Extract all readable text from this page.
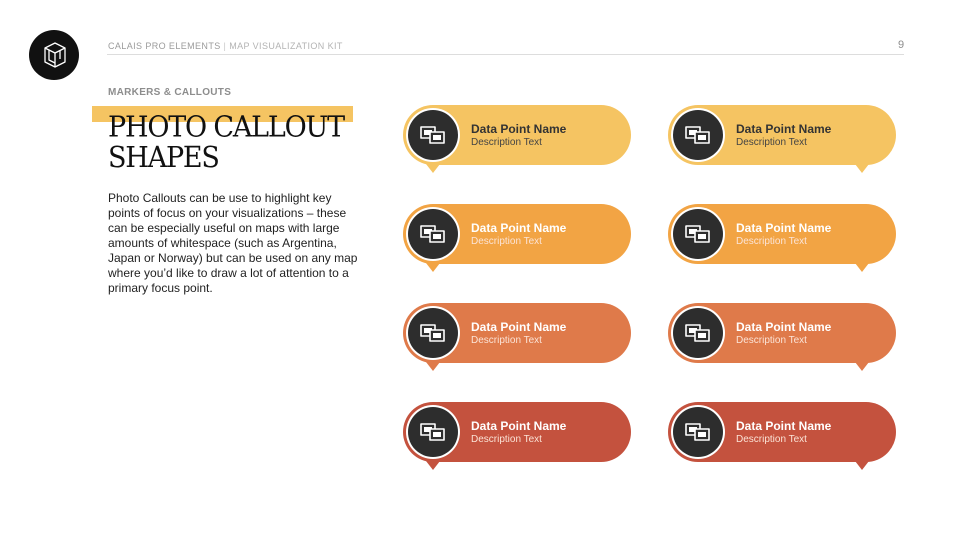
CALAIS PRO ELEMENTS | MAP VISUALIZATION KIT	9
MARKERS & CALLOUTS
PHOTO CALLOUT
SHAPES
Photo Callouts can be use to highlight key points of focus on your visualizations – these can be especially useful on maps with large amounts of whitespace (such as Argentina, Japan or Norway) but can be used on any map where you’d like to draw a lot of attention to a primary focus point.
Data Point Name
Description Text
Data Point Name
Description Text
Data Point Name
Description Text
Data Point Name
Description Text
Data Point Name
Description Text
Data Point Name
Description Text
Data Point Name
Description Text
Data Point Name
Description Text
